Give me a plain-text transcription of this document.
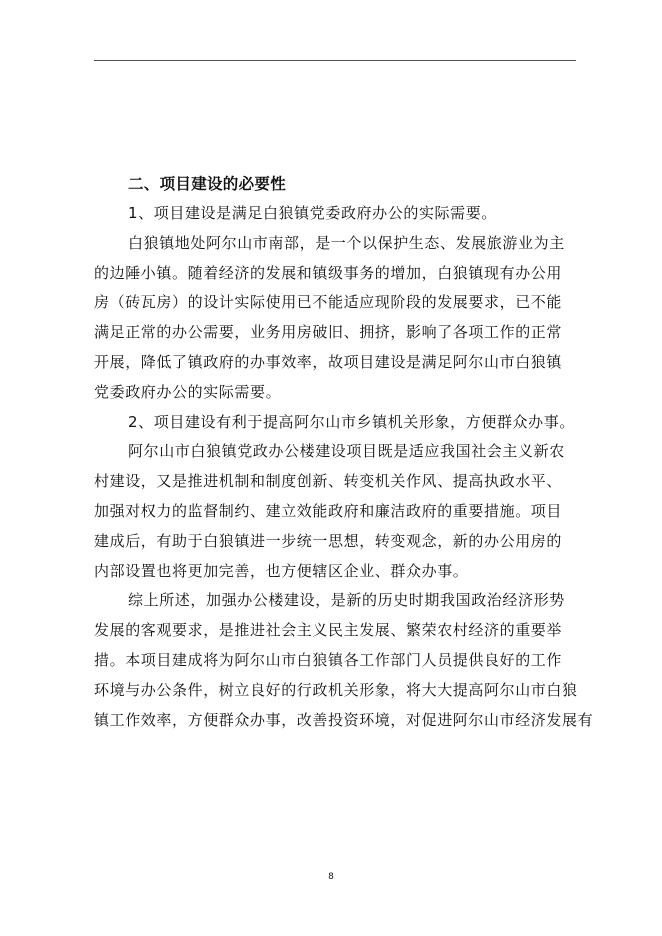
二、项目建设的必要性

1、项目建设是满足白狼镇党委政府办公的实际需要。

白狼镇地处阿尔山市南部，是一个以保护生态、发展旅游业为主
的边陲小镇。随着经济的发展和镇级事务的增加，白狼镇现有办公用
房（砖瓦房）的设计实际使用已不能适应现阶段的发展要求，已不能
满足正常的办公需要，业务用房破旧、拥挤，影响了各项工作的正常
开展，降低了镇政府的办事效率，故项目建设是满足阿尔山市白狼镇
党委政府办公的实际需要。

2、项目建设有利于提高阿尔山市乡镇机关形象，方便群众办事。

阿尔山市白狼镇党政办公楼建设项目既是适应我国社会主义新农
村建设，又是推进机制和制度创新、转变机关作风、提高执政水平、
加强对权力的监督制约、建立效能政府和廉洁政府的重要措施。项目
建成后，有助于白狼镇进一步统一思想，转变观念，新的办公用房的
内部设置也将更加完善，也方便辖区企业、群众办事。

综上所述，加强办公楼建设，是新的历史时期我国政治经济形势
发展的客观要求，是推进社会主义民主发展、繁荣农村经济的重要举
措。本项目建成将为阿尔山市白狼镇各工作部门人员提供良好的工作
环境与办公条件，树立良好的行政机关形象，将大大提高阿尔山市白狼
镇工作效率，方便群众办事，改善投资环境，对促进阿尔山市经济发展有

8
